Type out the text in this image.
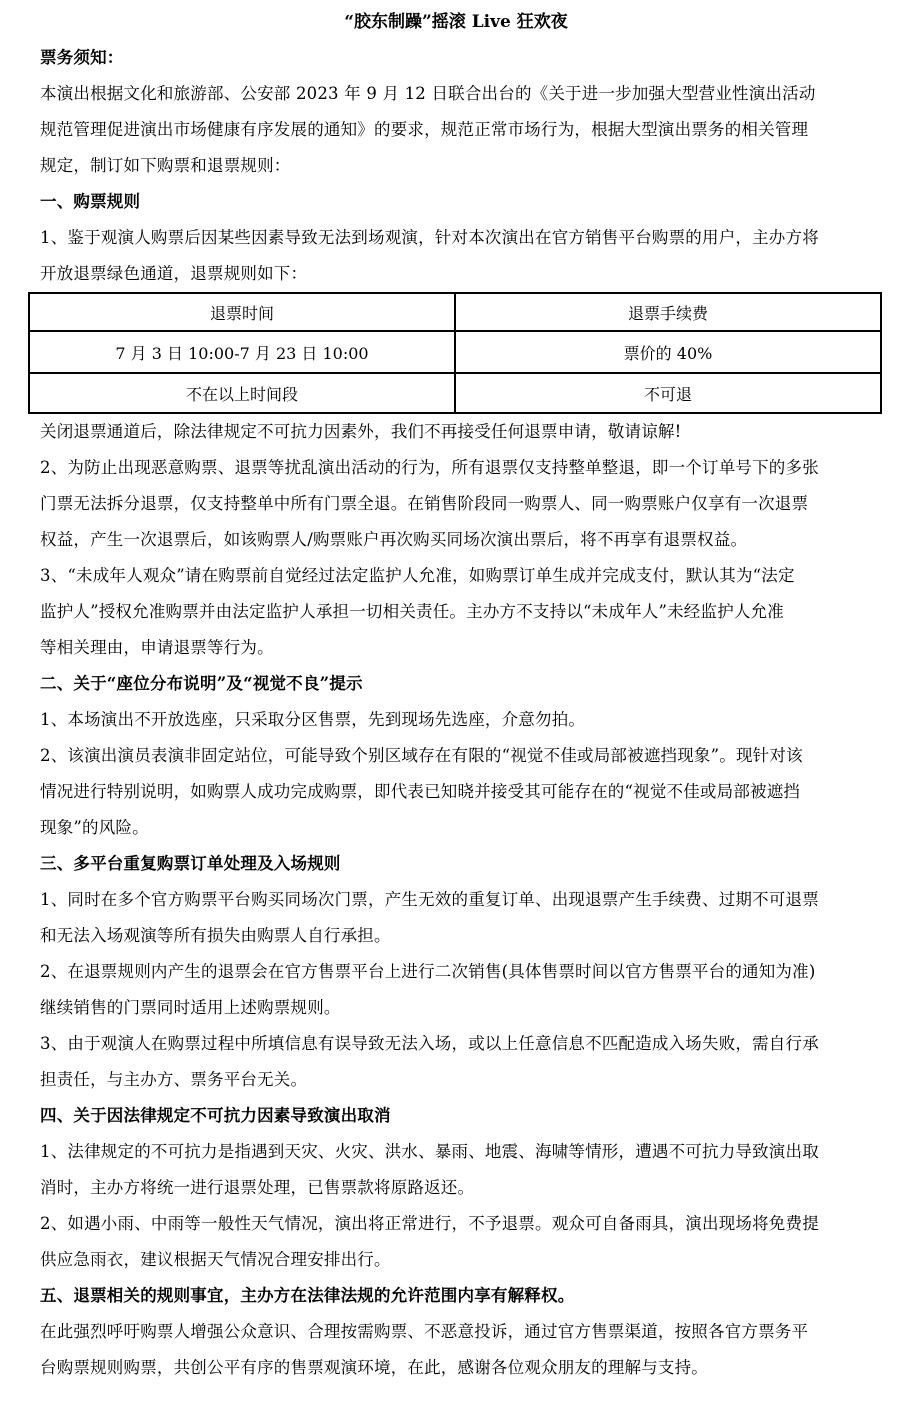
“胶东制躁”摇滚 Live 狂欢夜

票务须知：

本演出根据文化和旅游部、公安部 2023 年 9 月 12 日联合出台的《关于进一步加强大型营业性演出活动

规范管理促进演出市场健康有序发展的通知》的要求，规范正常市场行为，根据大型演出票务的相关管理

规定，制订如下购票和退票规则：

一、购票规则

1、鉴于观演人购票后因某些因素导致无法到场观演，针对本次演出在官方销售平台购票的用户，主办方将

开放退票绿色通道，退票规则如下：

退票时间	退票手续费
7 月 3 日 10:00-7 月 23 日 10:00	票价的 40%
不在以上时间段	不可退

关闭退票通道后，除法律规定不可抗力因素外，我们不再接受任何退票申请，敬请谅解!

2、为防止出现恶意购票、退票等扰乱演出活动的行为，所有退票仅支持整单整退，即一个订单号下的多张

门票无法拆分退票，仅支持整单中所有门票全退。在销售阶段同一购票人、同一购票账户仅享有一次退票

权益，产生一次退票后，如该购票人/购票账户再次购买同场次演出票后，将不再享有退票权益。

3、“未成年人观众”请在购票前自觉经过法定监护人允准，如购票订单生成并完成支付，默认其为“法定

监护人”授权允准购票并由法定监护人承担一切相关责任。主办方不支持以“未成年人”未经监护人允准

等相关理由，申请退票等行为。

二、关于“座位分布说明”及“视觉不良”提示

1、本场演出不开放选座，只采取分区售票，先到现场先选座，介意勿拍。

2、该演出演员表演非固定站位，可能导致个别区域存在有限的“视觉不佳或局部被遮挡现象”。现针对该

情况进行特别说明，如购票人成功完成购票，即代表已知晓并接受其可能存在的“视觉不佳或局部被遮挡

现象”的风险。

三、多平台重复购票订单处理及入场规则

1、同时在多个官方购票平台购买同场次门票，产生无效的重复订单、出现退票产生手续费、过期不可退票

和无法入场观演等所有损失由购票人自行承担。

2、在退票规则内产生的退票会在官方售票平台上进行二次销售(具体售票时间以官方售票平台的通知为准)

继续销售的门票同时适用上述购票规则。

3、由于观演人在购票过程中所填信息有误导致无法入场，或以上任意信息不匹配造成入场失败，需自行承

担责任，与主办方、票务平台无关。

四、关于因法律规定不可抗力因素导致演出取消

1、法律规定的不可抗力是指遇到天灾、火灾、洪水、暴雨、地震、海啸等情形，遭遇不可抗力导致演出取

消时，主办方将统一进行退票处理，已售票款将原路返还。

2、如遇小雨、中雨等一般性天气情况，演出将正常进行，不予退票。观众可自备雨具，演出现场将免费提

供应急雨衣，建议根据天气情况合理安排出行。

五、退票相关的规则事宜，主办方在法律法规的允许范围内享有解释权。

在此强烈呼吁购票人增强公众意识、合理按需购票、不恶意投诉，通过官方售票渠道，按照各官方票务平

台购票规则购票，共创公平有序的售票观演环境，在此，感谢各位观众朋友的理解与支持。
